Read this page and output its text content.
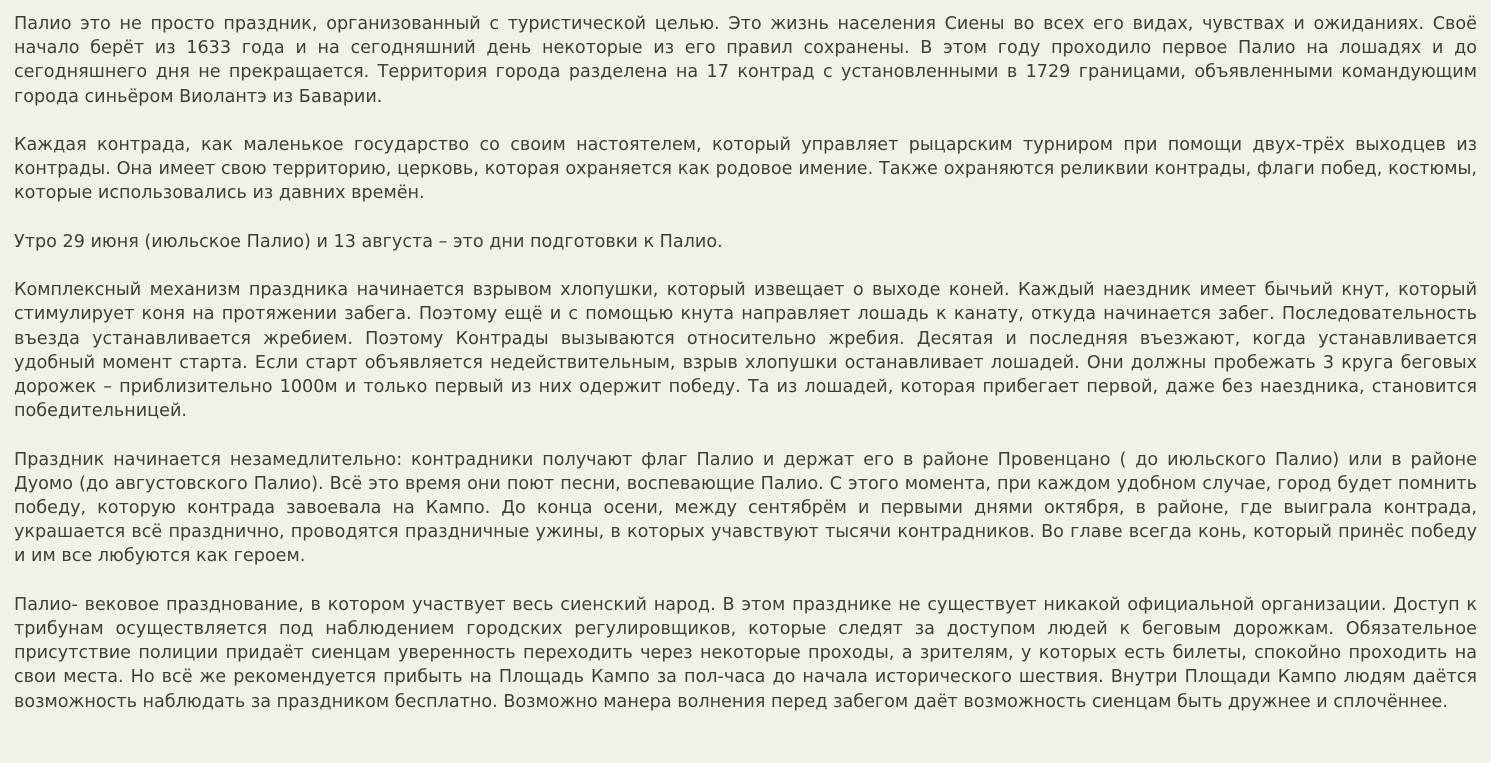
Палио это не просто праздник, организованный с туристической целью. Это жизнь населения Сиены во всех его видах, чувствах и ожиданиях. Своё начало берёт из 1633 года и на сегодняшний день некоторые из его правил сохранены. В этом году проходило первое Палио на лошадях и до сегодняшнего дня не прекращается. Территория города разделена на 17 контрад с установленными в 1729 границами, объявленными командующим города синьёром Виолантэ из Баварии.

Каждая контрада, как маленькое государство со своим настоятелем, который управляет рыцарским турниром при помощи двух-трёх выходцев из контрады. Она имеет свою территорию, церковь, которая охраняется как родовое имение. Также охраняются реликвии контрады, флаги побед, костюмы, которые использовались из давних времён.

Утро 29 июня (июльское Палио) и 13 августа – это дни подготовки к Палио.

Комплексный механизм праздника начинается взрывом хлопушки, который извещает о выходе коней. Каждый наездник имеет бычьий кнут, который стимулирует коня на протяжении забега. Поэтому ещё и с помощью кнута направляет лошадь к канату, откуда начинается забег. Последовательность въезда устанавливается жребием. Поэтому Контрады вызываются относительно жребия. Десятая и последняя въезжают, когда устанавливается удобный момент старта. Если старт объявляется недействительным, взрыв хлопушки останавливает лошадей. Они должны пробежать 3 круга беговых дорожек – приблизительно 1000м и только первый из них одержит победу. Та из лошадей, которая прибегает первой, даже без наездника, становится победительницей.

Праздник начинается незамедлительно: контрадники получают флаг Палио и держат его в районе Провенцано ( до июльского Палио) или в районе Дуомо (до августовского Палио). Всё это время они поют песни, воспевающие Палио. С этого момента, при каждом удобном случае, город будет помнить победу, которую контрада завоевала на Кампо. До конца осени, между сентябрём и первыми днями октября, в районе, где выиграла контрада, украшается всё празднично, проводятся праздничные ужины, в которых учавствуют тысячи контрадников. Во главе всегда конь, который принёс победу и им все любуются как героем.

Палио- вековое празднование, в котором участвует весь сиенский народ. В этом празднике не существует никакой официальной организации. Доступ к трибунам осуществляется под наблюдением городских регулировщиков, которые следят за доступом людей к беговым дорожкам. Обязательное присутствие полиции придаёт сиенцам уверенность переходить через некоторые проходы, а зрителям, у которых есть билеты, спокойно проходить на свои места. Но всё же рекомендуется прибыть на Площадь Кампо за пол-часа до начала исторического шествия. Внутри Площади Кампо людям даётся возможность наблюдать за праздником бесплатно. Возможно манера волнения перед забегом даёт возможность сиенцам быть дружнее и сплочённее.
